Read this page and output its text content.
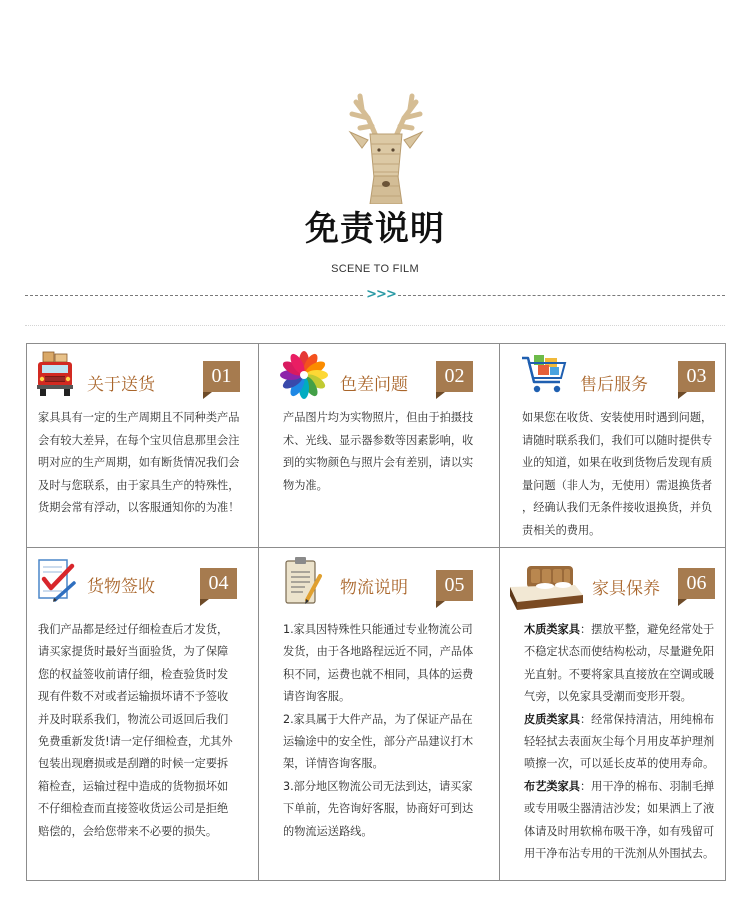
免责说明
SCENE TO FILM
>>>
关于送货	01
家具具有一定的生产周期且不同种类产品
会有较大差异，在每个宝贝信息那里会注
明对应的生产周期，如有断货情况我们会
及时与您联系，由于家具生产的特殊性，
货期会常有浮动，以客服通知你的为准！
色差问题	02
产品图片均为实物照片，但由于拍摄技
术、光线、显示器参数等因素影响，收
到的实物颜色与照片会有差别，请以实
物为准。
售后服务	03
如果您在收货、安装使用时遇到问题，
请随时联系我们，我们可以随时提供专
业的知道，如果在收到货物后发现有质
量问题（非人为，无使用）需退换货者
，经确认我们无条件接收退换货，并负
责相关的费用。
货物签收	04
我们产品都是经过仔细检查后才发货，
请买家提货时最好当面验货，为了保障
您的权益签收前请仔细，检查验货时发
现有件数不对或者运输损坏请不予签收
并及时联系我们，物流公司返回后我们
免费重新发货!请一定仔细检查，尤其外
包装出现磨损或是刮蹭的时候一定要拆
箱检查，运输过程中造成的货物损坏如
不仔细检查而直接签收货运公司是拒绝
赔偿的，会给您带来不必要的损失。
物流说明	05
1.家具因特殊性只能通过专业物流公司
发货，由于各地路程远近不同，产品体
积不同，运费也就不相同，具体的运费
请咨询客服。
2.家具属于大件产品，为了保证产品在
运输途中的安全性，部分产品建议打木
架，详情咨询客服。
3.部分地区物流公司无法到达，请买家
下单前，先咨询好客服，协商好可到达
的物流运送路线。
家具保养	06
木质类家具：摆放平整，避免经常处于
不稳定状态而使结构松动，尽量避免阳
光直射。不要将家具直接放在空调或暖
气旁，以免家具受潮而变形开裂。
皮质类家具：经常保持清洁，用纯棉布
轻轻拭去表面灰尘每个月用皮革护理剂
喷擦一次，可以延长皮革的使用寿命。
布艺类家具：用干净的棉布、羽制毛掸
或专用吸尘器清洁沙发；如果洒上了液
体请及时用软棉布吸干净，如有残留可
用干净布沾专用的干洗剂从外围拭去。
